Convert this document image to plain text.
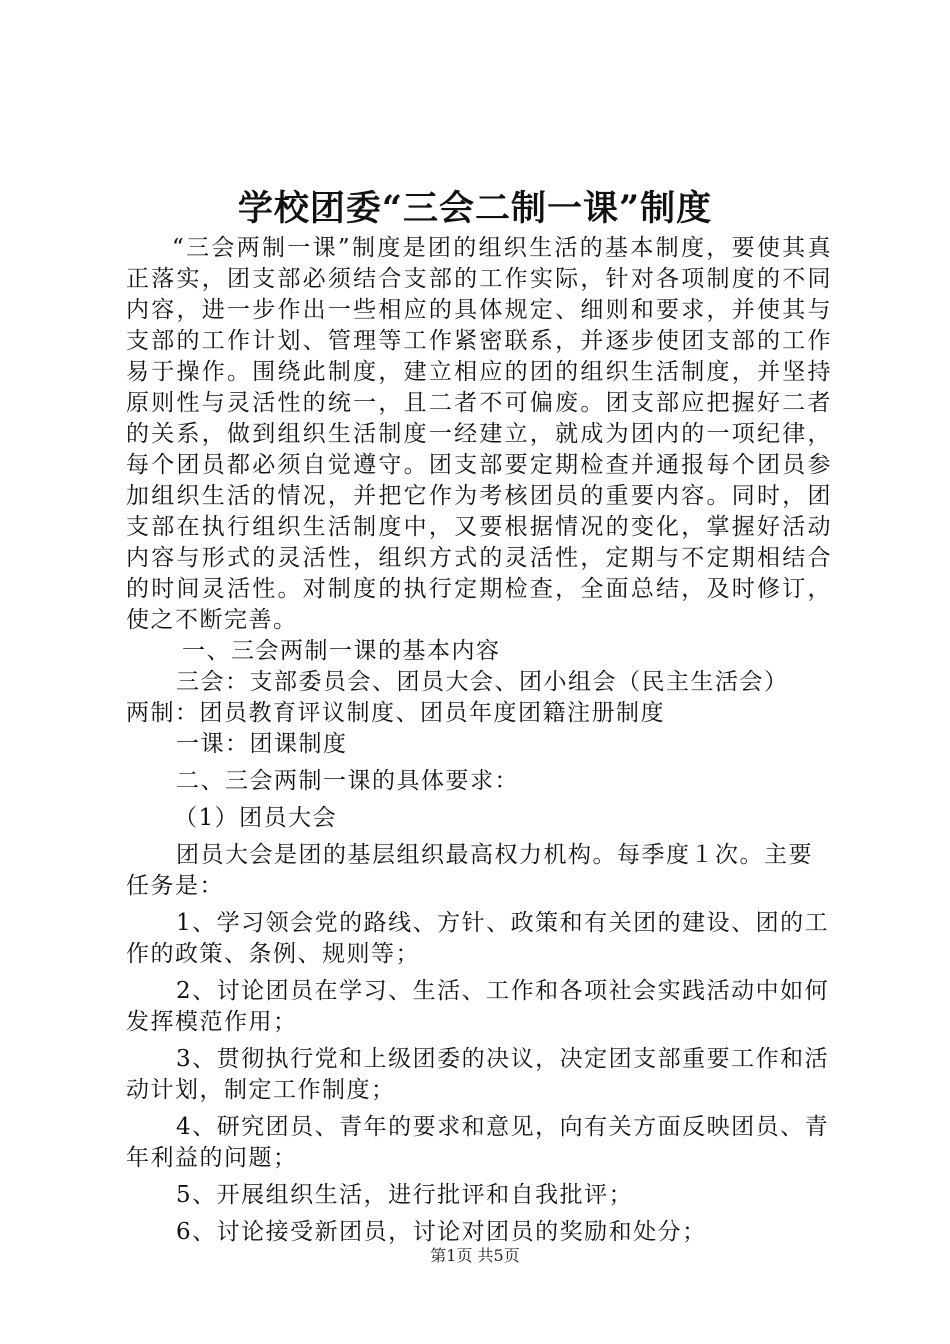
学校团委“三会二制一课”制度

“三会两制一课”制度是团的组织生活的基本制度，要使其真正落实，团支部必须结合支部的工作实际，针对各项制度的不同内容，进一步作出一些相应的具体规定、细则和要求，并使其与支部的工作计划、管理等工作紧密联系，并逐步使团支部的工作易于操作。围绕此制度，建立相应的团的组织生活制度，并坚持原则性与灵活性的统一，且二者不可偏废。团支部应把握好二者的关系，做到组织生活制度一经建立，就成为团内的一项纪律，每个团员都必须自觉遵守。团支部要定期检查并通报每个团员参加组织生活的情况，并把它作为考核团员的重要内容。同时，团支部在执行组织生活制度中，又要根据情况的变化，掌握好活动内容与形式的灵活性，组织方式的灵活性，定期与不定期相结合的时间灵活性。对制度的执行定期检查，全面总结，及时修订，使之不断完善。

一、三会两制一课的基本内容

三会：支部委员会、团员大会、团小组会（民主生活会）

两制：团员教育评议制度、团员年度团籍注册制度

一课：团课制度

二、三会两制一课的具体要求：

（1）团员大会

团员大会是团的基层组织最高权力机构。每季度１次。主要任务是：

1、学习领会党的路线、方针、政策和有关团的建设、团的工作的政策、条例、规则等；

2、讨论团员在学习、生活、工作和各项社会实践活动中如何发挥模范作用；

3、贯彻执行党和上级团委的决议，决定团支部重要工作和活动计划，制定工作制度；

4、研究团员、青年的要求和意见，向有关方面反映团员、青年利益的问题；

5、开展组织生活，进行批评和自我批评；

6、讨论接受新团员，讨论对团员的奖励和处分；

第1页 共5页
